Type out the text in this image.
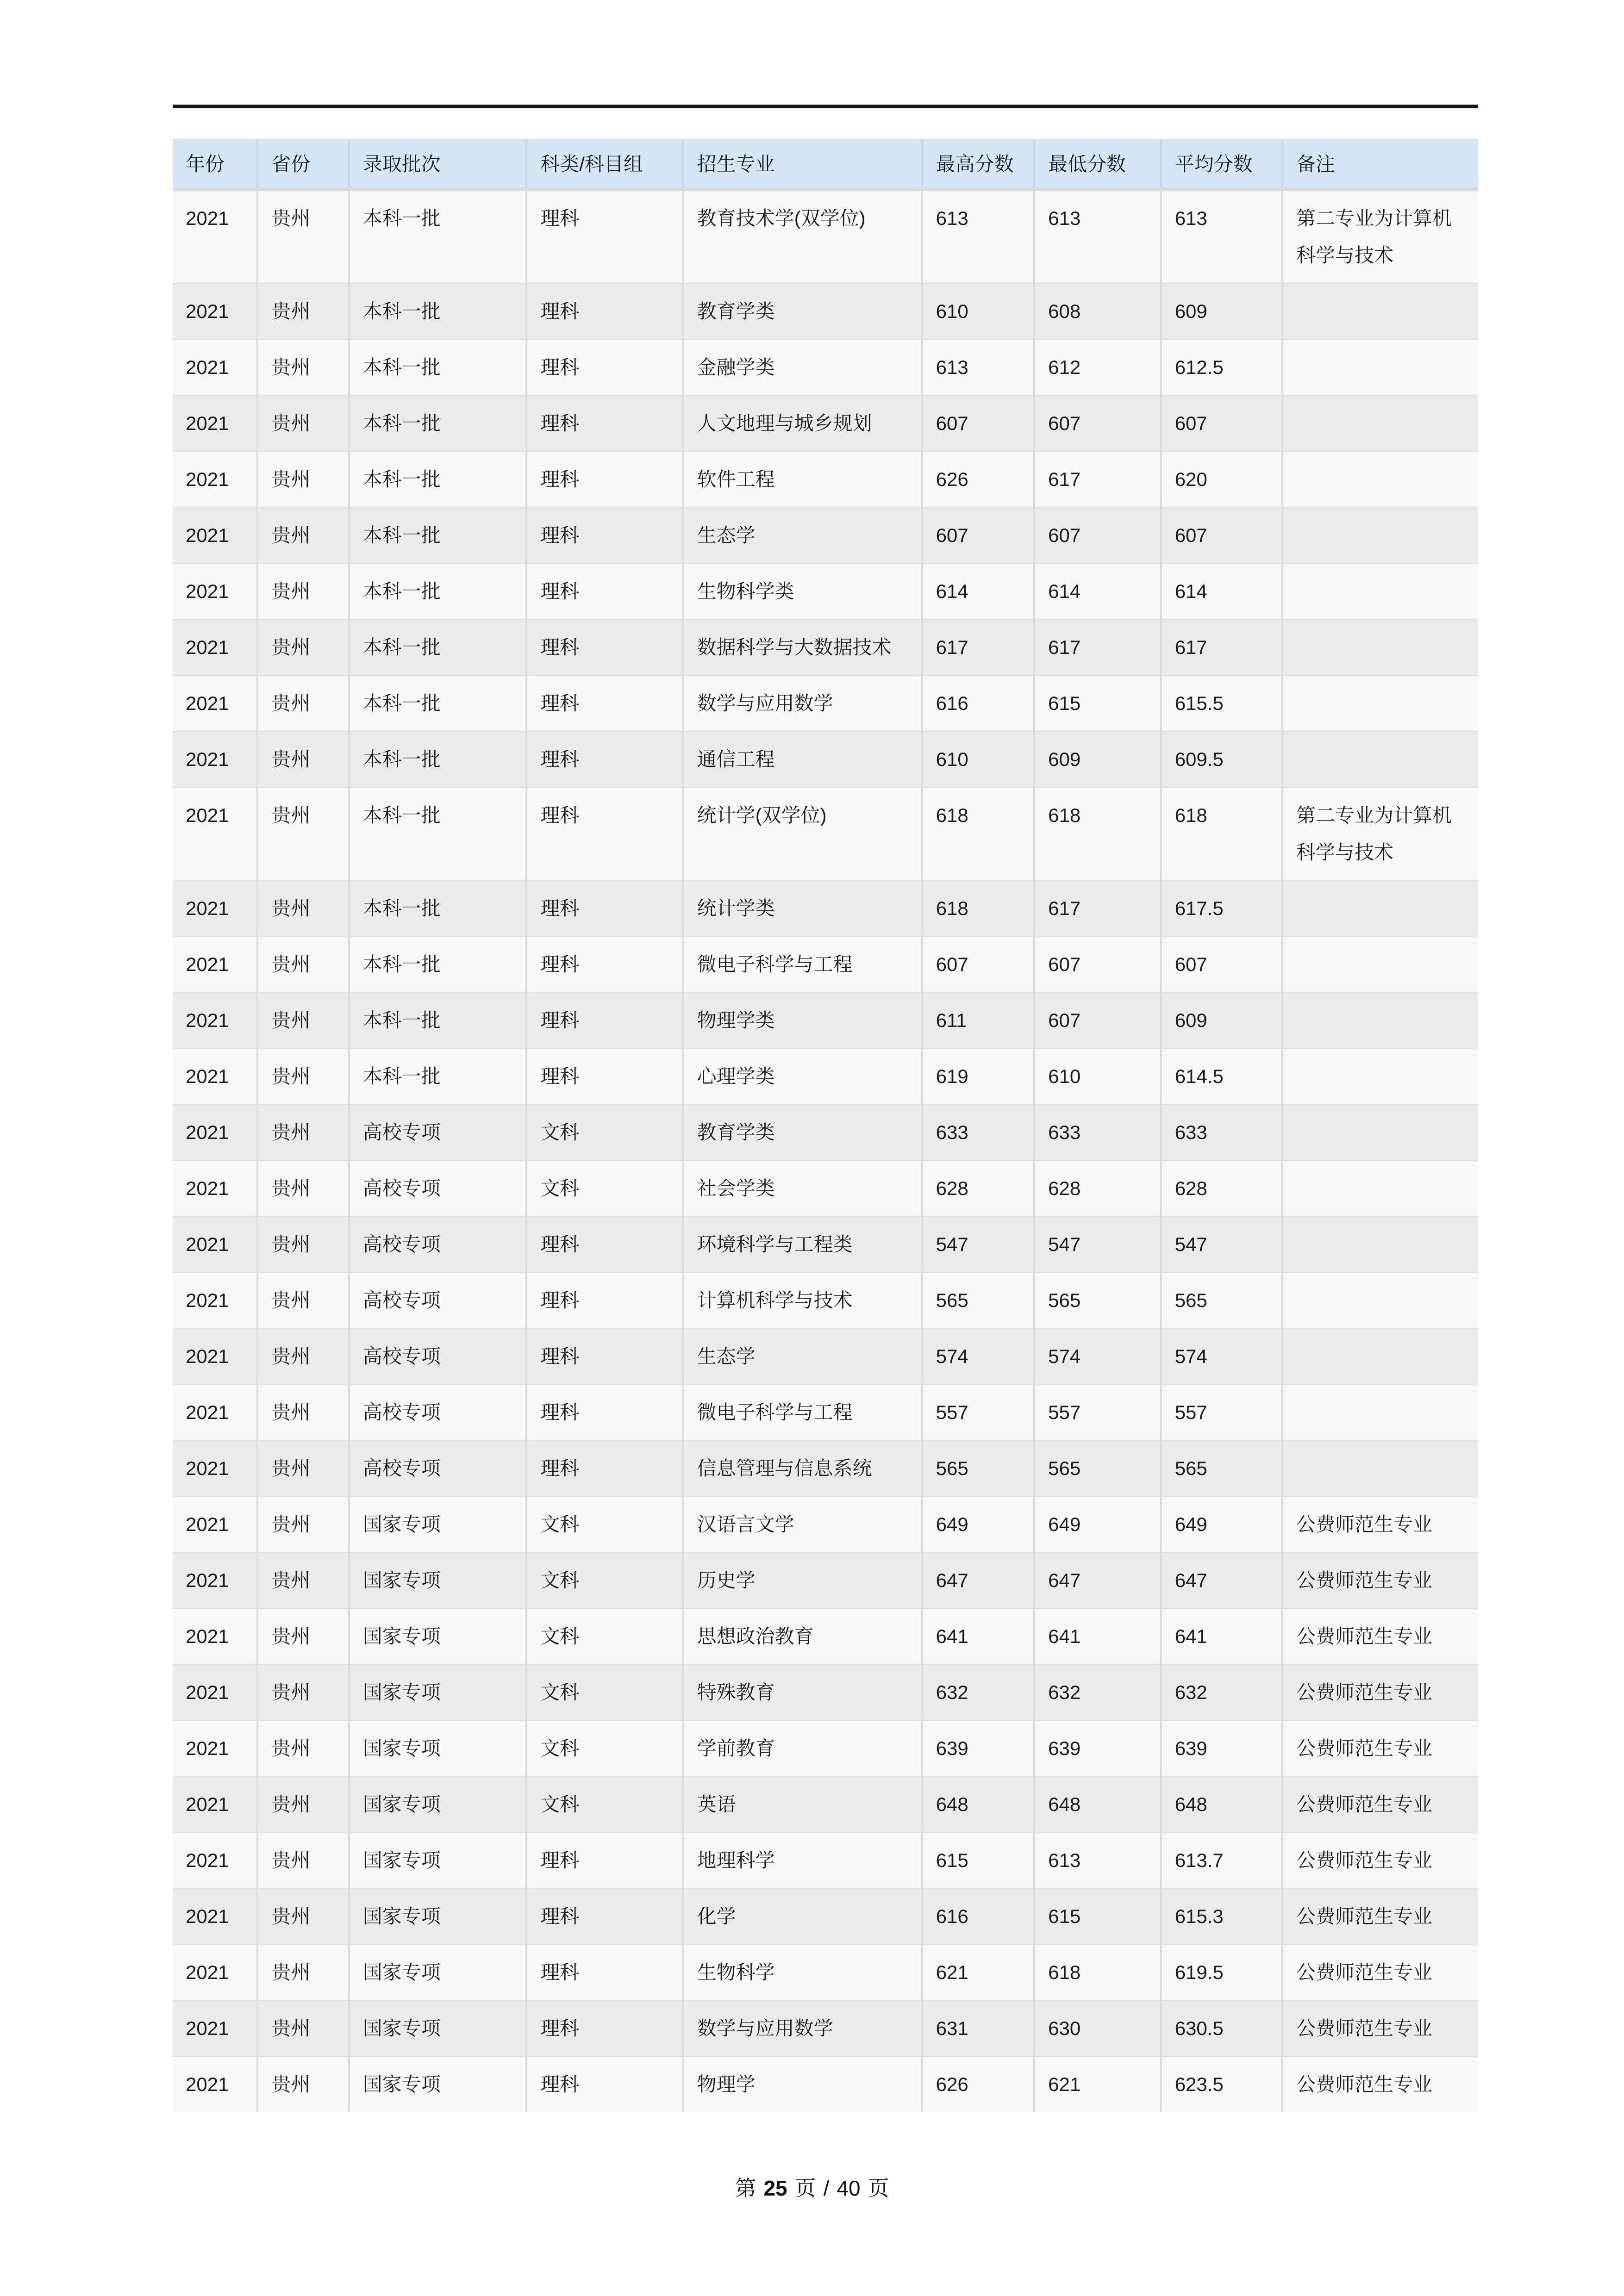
年份	省份	录取批次	科类/科目组	招生专业	最高分数	最低分数	平均分数	备注
2021	贵州	本科一批	理科	教育技术学(双学位)	613	613	613	第二专业为计算机科学与技术
2021	贵州	本科一批	理科	教育学类	610	608	609	
2021	贵州	本科一批	理科	金融学类	613	612	612.5	
2021	贵州	本科一批	理科	人文地理与城乡规划	607	607	607	
2021	贵州	本科一批	理科	软件工程	626	617	620	
2021	贵州	本科一批	理科	生态学	607	607	607	
2021	贵州	本科一批	理科	生物科学类	614	614	614	
2021	贵州	本科一批	理科	数据科学与大数据技术	617	617	617	
2021	贵州	本科一批	理科	数学与应用数学	616	615	615.5	
2021	贵州	本科一批	理科	通信工程	610	609	609.5	
2021	贵州	本科一批	理科	统计学(双学位)	618	618	618	第二专业为计算机科学与技术
2021	贵州	本科一批	理科	统计学类	618	617	617.5	
2021	贵州	本科一批	理科	微电子科学与工程	607	607	607	
2021	贵州	本科一批	理科	物理学类	611	607	609	
2021	贵州	本科一批	理科	心理学类	619	610	614.5	
2021	贵州	高校专项	文科	教育学类	633	633	633	
2021	贵州	高校专项	文科	社会学类	628	628	628	
2021	贵州	高校专项	理科	环境科学与工程类	547	547	547	
2021	贵州	高校专项	理科	计算机科学与技术	565	565	565	
2021	贵州	高校专项	理科	生态学	574	574	574	
2021	贵州	高校专项	理科	微电子科学与工程	557	557	557	
2021	贵州	高校专项	理科	信息管理与信息系统	565	565	565	
2021	贵州	国家专项	文科	汉语言文学	649	649	649	公费师范生专业
2021	贵州	国家专项	文科	历史学	647	647	647	公费师范生专业
2021	贵州	国家专项	文科	思想政治教育	641	641	641	公费师范生专业
2021	贵州	国家专项	文科	特殊教育	632	632	632	公费师范生专业
2021	贵州	国家专项	文科	学前教育	639	639	639	公费师范生专业
2021	贵州	国家专项	文科	英语	648	648	648	公费师范生专业
2021	贵州	国家专项	理科	地理科学	615	613	613.7	公费师范生专业
2021	贵州	国家专项	理科	化学	616	615	615.3	公费师范生专业
2021	贵州	国家专项	理科	生物科学	621	618	619.5	公费师范生专业
2021	贵州	国家专项	理科	数学与应用数学	631	630	630.5	公费师范生专业
2021	贵州	国家专项	理科	物理学	626	621	623.5	公费师范生专业
第 25 页 / 40 页
